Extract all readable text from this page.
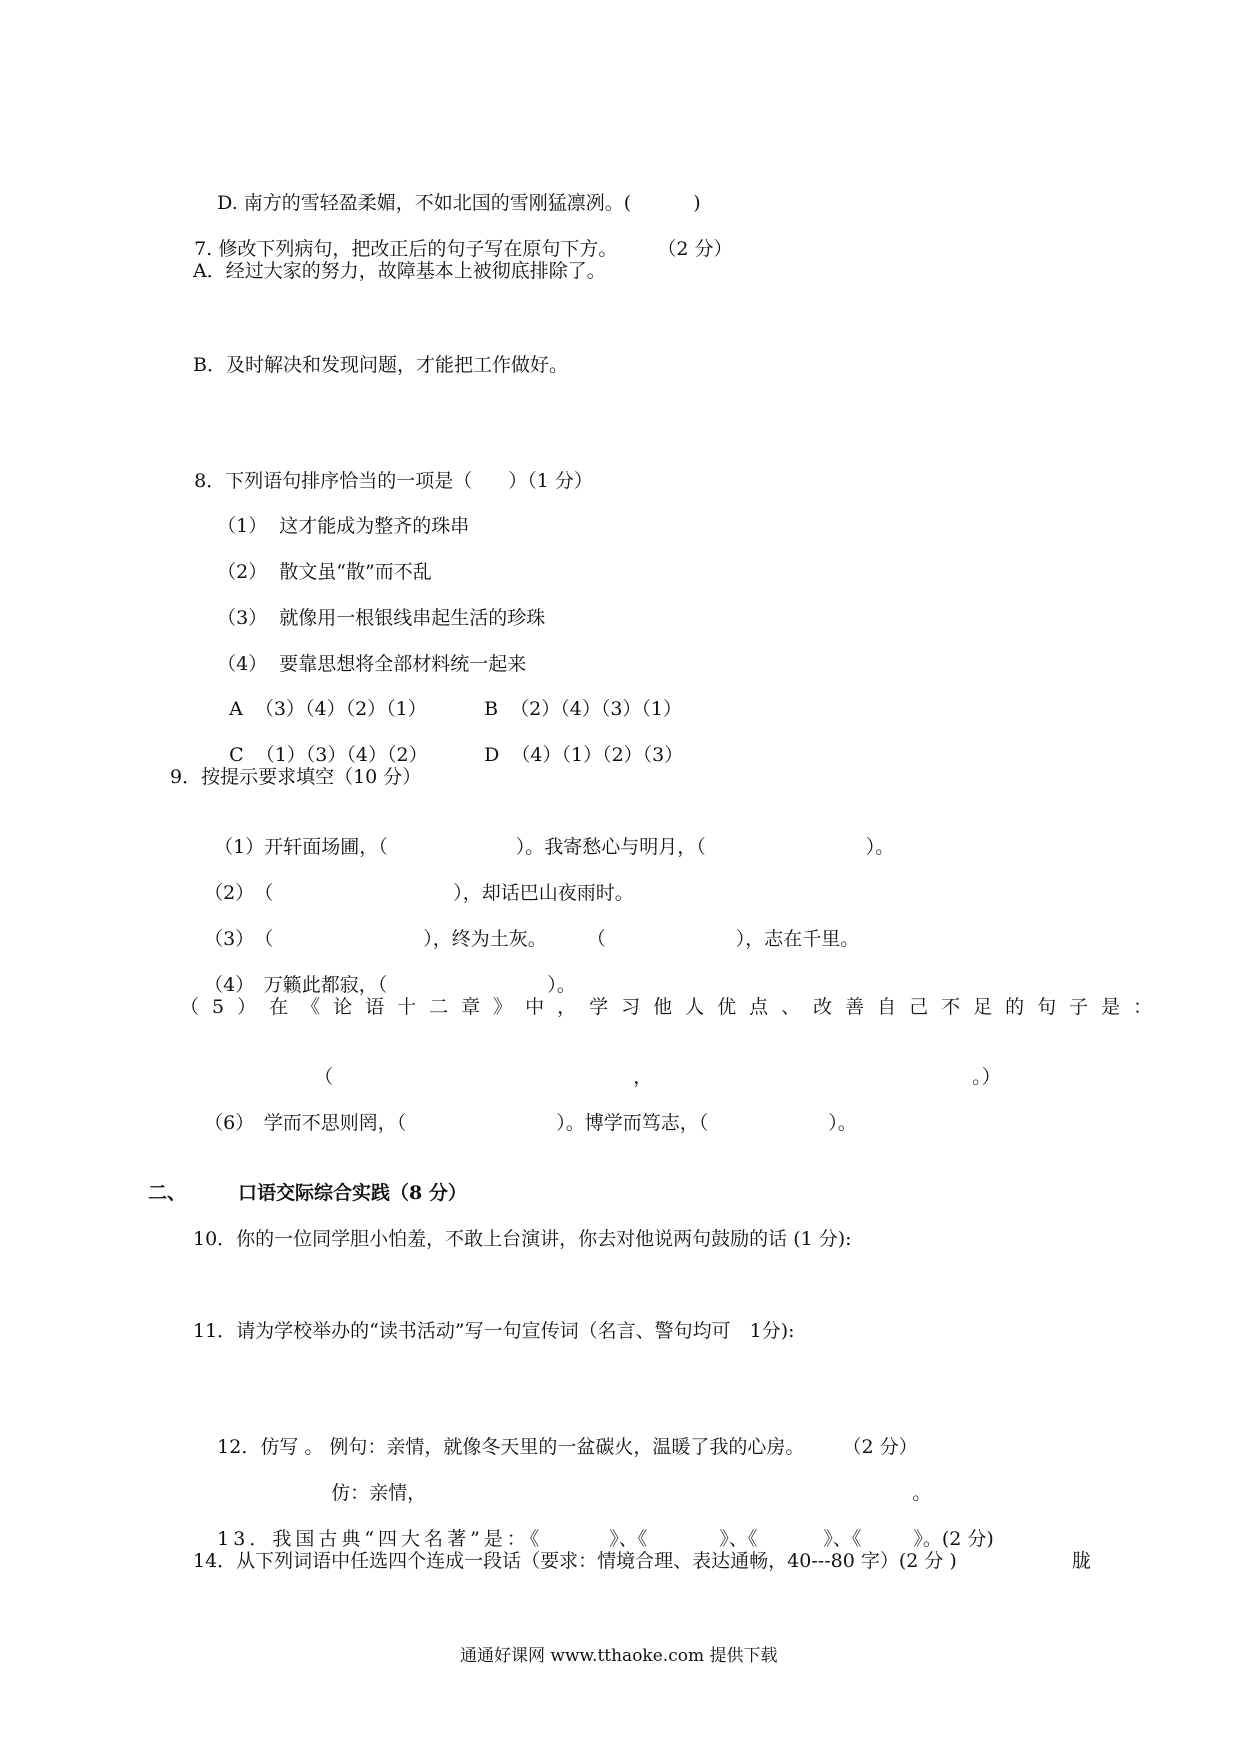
D. 南方的雪轻盈柔媚，不如北国的雪刚猛凛冽。(	)

7. 修改下列病句，把改正后的句子写在原句下方。 （2 分）

A．经过大家的努力，故障基本上被彻底排除了。
B．及时解决和发现问题，才能把工作做好。

8．下列语句排序恰当的一项是（ ）（1 分）

（1） 这才能成为整齐的珠串

（2） 散文虽“散”而不乱

（3） 就像用一根银线串起生活的珍珠

（4） 要靠思想将全部材料统一起来

A （3）（4）（2）（1）
	B （2）（4）（3）（1）

C （1）（3）（4）（2）
	D （4）（1）（2）（3）

9．按提示要求填空（10 分）

（1）开轩面场圃，（	）。我寄愁心与明月，（	）。

（2）　（	），却话巴山夜雨时。

（3）　（	），终为土灰。 （	），志在千里。

（4）　万籁此都寂，（	）。

（5）在《论语十二章》中，学习他人优点、改善自己不足的句子是：

（	，	。）

（6）　学而不思则罔，（	）。博学而笃志，（	）。

二、	口语交际综合实践（8 分）
10．你的一位同学胆小怕羞，不敢上台演讲，你去对他说两句鼓励的话 (1 分):
11．请为学校举办的“读书活动”写一句宣传词（名言、警句均可　1分):

12．仿写 。 例句：亲情，就像冬天里的一盆碳火，温暖了我的心房。 （2 分）

仿：亲情，	。

13．我国古典“四大名著”是：《	》、《	》、《	》、《	》。(2 分)

14．从下列词语中任选四个连成一段话（要求：情境合理、表达通畅，40---80 字）(2 分 )	胧
通通好课网 www.tthaoke.com 提供下载
